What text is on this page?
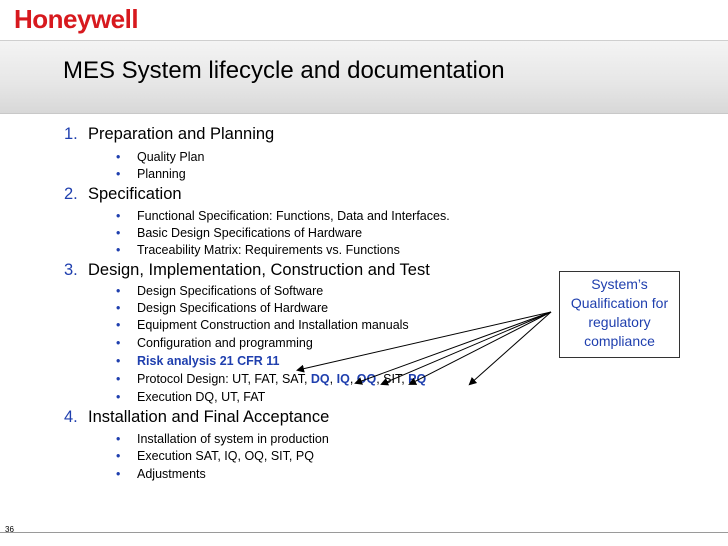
Honeywell
MES System lifecycle and documentation
1. Preparation and Planning
• Quality Plan
• Planning
2. Specification
• Functional Specification: Functions, Data and Interfaces.
• Basic Design Specifications of Hardware
• Traceability Matrix: Requirements vs. Functions
3. Design, Implementation, Construction and Test
• Design Specifications of Software
• Design Specifications of Hardware
• Equipment Construction and Installation manuals
• Configuration and programming
• Risk analysis 21 CFR 11
• Protocol Design: UT, FAT, SAT, DQ, IQ, OQ, SIT, PQ
• Execution DQ, UT, FAT
4. Installation and Final Acceptance
• Installation of system in production
• Execution SAT, IQ, OQ, SIT, PQ
• Adjustments
System’s
Qualification for
regulatory
compliance
36
